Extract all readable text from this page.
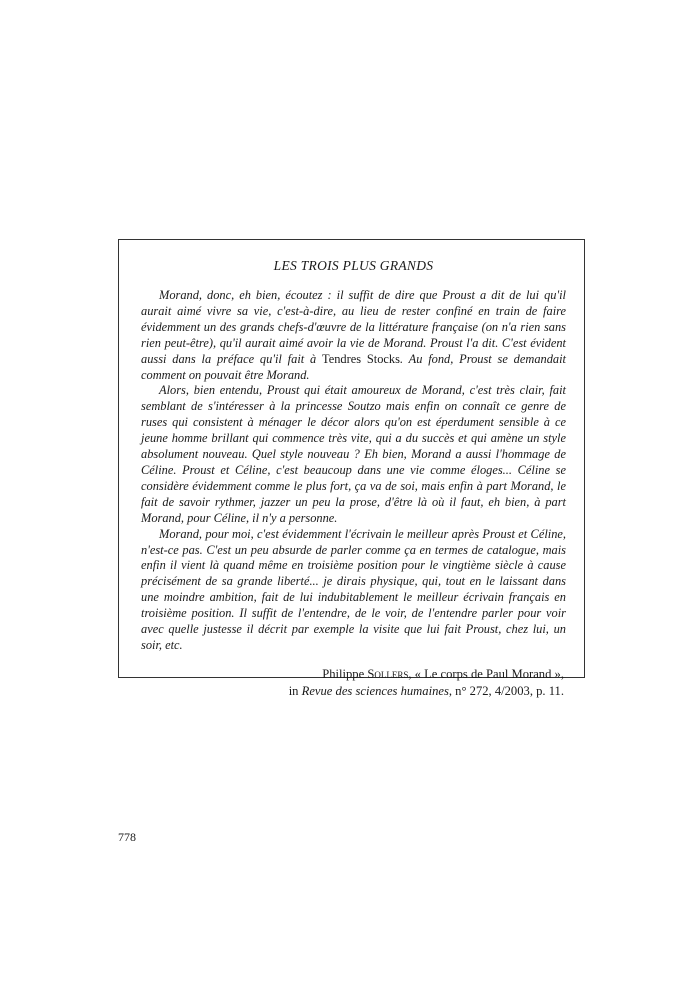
LES TROIS PLUS GRANDS

Morand, donc, eh bien, écoutez : il suffit de dire que Proust a dit de lui qu'il aurait aimé vivre sa vie, c'est-à-dire, au lieu de rester confiné en train de faire évidemment un des grands chefs-d'œuvre de la littérature française (on n'a rien sans rien peut-être), qu'il aurait aimé avoir la vie de Morand. Proust l'a dit. C'est évident aussi dans la préface qu'il fait à Tendres Stocks. Au fond, Proust se demandait comment on pouvait être Morand.

Alors, bien entendu, Proust qui était amoureux de Morand, c'est très clair, fait semblant de s'intéresser à la princesse Soutzo mais enfin on connaît ce genre de ruses qui consistent à ménager le décor alors qu'on est éperdument sensible à ce jeune homme brillant qui commence très vite, qui a du succès et qui amène un style absolument nouveau. Quel style nouveau ? Eh bien, Morand a aussi l'hommage de Céline. Proust et Céline, c'est beaucoup dans une vie comme éloges... Céline se considère évidemment comme le plus fort, ça va de soi, mais enfin à part Morand, le fait de savoir rythmer, jazzer un peu la prose, d'être là où il faut, eh bien, à part Morand, pour Céline, il n'y a personne.

Morand, pour moi, c'est évidemment l'écrivain le meilleur après Proust et Céline, n'est-ce pas. C'est un peu absurde de parler comme ça en termes de catalogue, mais enfin il vient là quand même en troisième position pour le vingtième siècle à cause précisément de sa grande liberté... je dirais physique, qui, tout en le laissant dans une moindre ambition, fait de lui indubitablement le meilleur écrivain français en troisième position. Il suffit de l'entendre, de le voir, de l'entendre parler pour voir avec quelle justesse il décrit par exemple la visite que lui fait Proust, chez lui, un soir, etc.

Philippe Sollers, « Le corps de Paul Morand »,
in Revue des sciences humaines, n° 272, 4/2003, p. 11.
778
